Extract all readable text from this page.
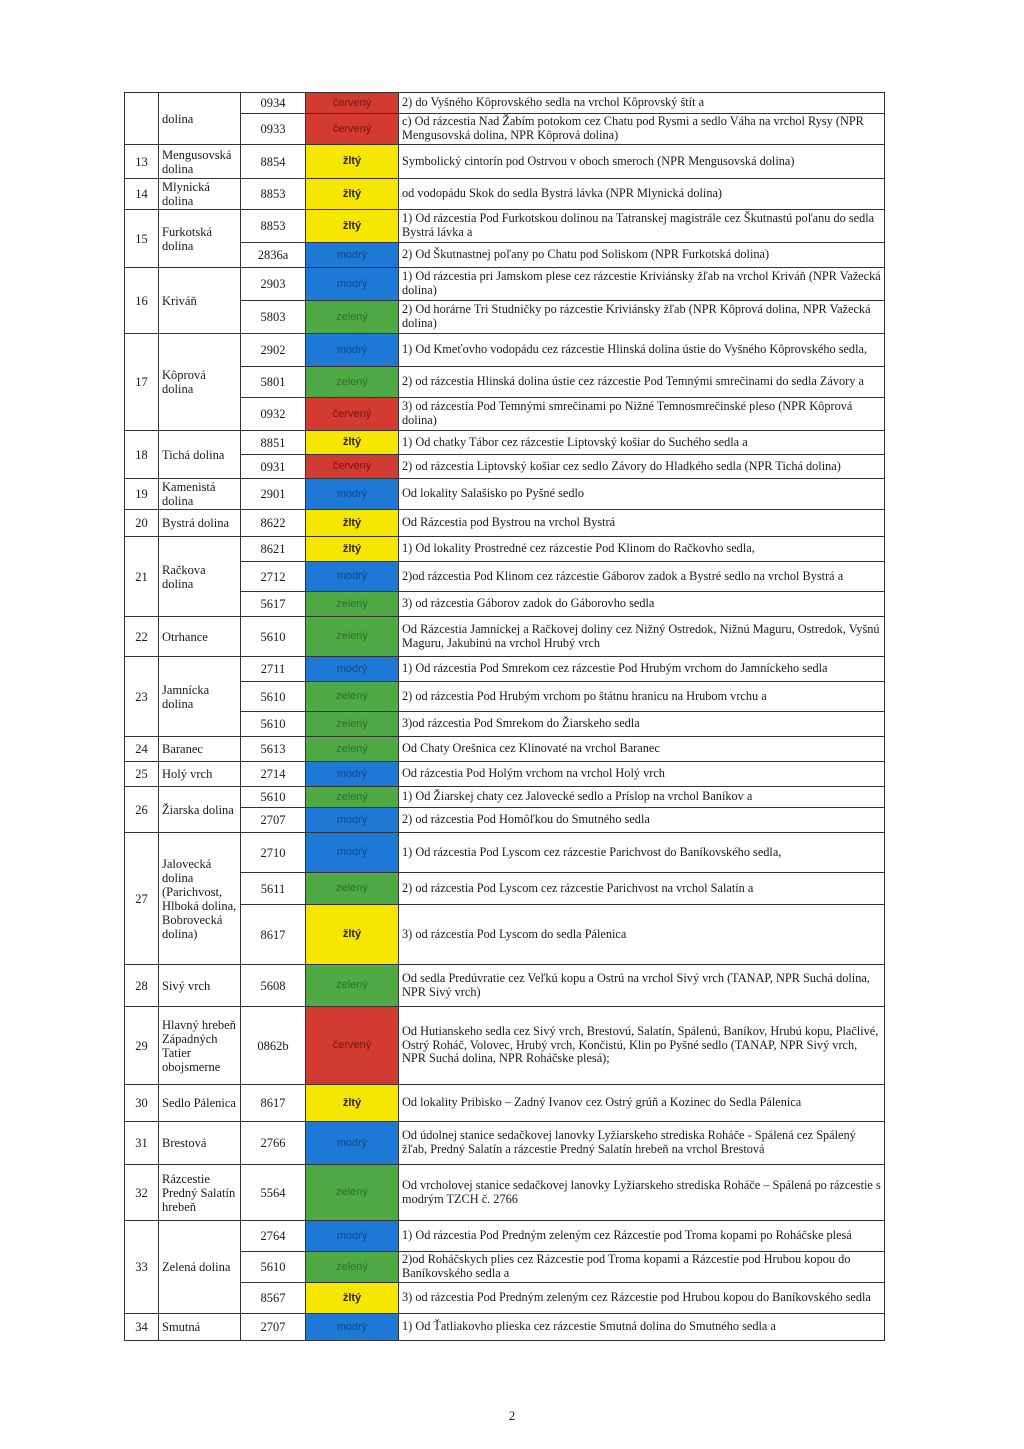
	dolina	0934	červený	2) do Vyšného Kôprovského sedla na vrchol Kôprovský štít a
		0933	červený	c) Od rázcestia Nad Žabím potokom cez Chatu pod Rysmi a sedlo Váha na vrchol Rysy (NPR Mengusovská dolina, NPR Kôprová dolina)
13	Mengusovská dolina	8854	žltý	Symbolický cintorín pod Ostrvou v oboch smeroch (NPR Mengusovská dolina)
14	Mlynická dolina	8853	žltý	od vodopádu Skok do sedla Bystrá lávka (NPR Mlynická dolina)
15	Furkotská dolina	8853	žltý	1) Od rázcestia Pod Furkotskou dolinou na Tatranskej magistrále cez Škutnastú poľanu do sedla Bystrá lávka a
		2836a	modrý	2) Od Škutnastnej poľany po Chatu pod Soliskom (NPR Furkotská dolina)
16	Kriváň	2903	modrý	1) Od rázcestia pri Jamskom plese cez rázcestie Kriviánsky žľab na vrchol Kriváň (NPR Važecká dolina)
		5803	zelený	2) Od horárne Tri Studničky po rázcestie Kriviánsky žľab (NPR Kôprová dolina, NPR Važecká dolina)
17	Kôprová dolina	2902	modrý	1) Od Kmeťovho vodopádu cez rázcestie Hlinská dolina ústie do Vyšného Kôprovského sedla,
		5801	zelený	2) od rázcestia Hlinská dolina ústie cez rázcestie Pod Temnými smrečinami do sedla Závory a
		0932	červený	3) od rázcestia Pod Temnými smrečinami po Nižné Temnosmrečinské pleso (NPR Kôprová dolina)
18	Tichá dolina	8851	žltý	1) Od chatky Tábor cez rázcestie Liptovský košiar do Suchého sedla a
		0931	červený	2) od rázcestia Liptovský košiar cez sedlo Závory do Hladkého sedla (NPR Tichá dolina)
19	Kamenistá dolina	2901	modrý	Od lokality Salašisko po Pyšné sedlo
20	Bystrá dolina	8622	žltý	Od Rázcestia pod Bystrou na vrchol Bystrá
21	Račkova dolina	8621	žltý	1) Od lokality Prostredné cez rázcestie Pod Klinom do Račkovho sedla,
		2712	modrý	2)od rázcestia Pod Klinom cez rázcestie Gáborov zadok a Bystré sedlo na vrchol Bystrá a
		5617	zelený	3) od rázcestia Gáborov zadok do Gáborovho sedla
22	Otrhance	5610	zelený	Od Rázcestia Jamníckej a Račkovej doliny cez Nižný Ostredok, Nižnú Maguru, Ostredok, Vyšnú Maguru, Jakubinú na vrchol Hrubý vrch
23	Jamnícka dolina	2711	modrý	1) Od rázcestia Pod Smrekom cez rázcestie Pod Hrubým vrchom do Jamníckeho sedla
		5610	zelený	2) od rázcestia Pod Hrubým vrchom po štátnu hranicu na Hrubom vrchu a
		5610	zelený	3)od rázcestia Pod Smrekom do Žiarskeho sedla
24	Baranec	5613	zelený	Od Chaty Orešnica cez Klinovaté na vrchol Baranec
25	Holý vrch	2714	modrý	Od rázcestia Pod Holým vrchom na vrchol Holý vrch
26	Žiarska dolina	5610	zelený	1) Od Žiarskej chaty cez Jalovecké sedlo a Príslop na vrchol Baníkov a
		2707	modrý	2) od rázcestia Pod Homôľkou do Smutného sedla
27	Jalovecká dolina (Parichvost, Hlboká dolina, Bobrovecká dolina)	2710	modrý	1) Od rázcestia Pod Lyscom cez rázcestie Parichvost do Baníkovského sedla,
		5611	zelený	2) od rázcestia Pod Lyscom cez rázcestie Parichvost na vrchol Salatín a
		8617	žltý	3) od rázcestia Pod Lyscom do sedla Pálenica
28	Sivý vrch	5608	zelený	Od sedla Predúvratie cez Veľkú kopu a Ostrú na vrchol Sivý vrch (TANAP, NPR Suchá dolina, NPR Sivý vrch)
29	Hlavný hrebeň Západných Tatier obojsmerne	0862b	červený	Od Hutianskeho sedla cez Sivý vrch, Brestovú, Salatín, Spálenú, Baníkov, Hrubú kopu, Plačlivé, Ostrý Roháč, Volovec, Hrubý vrch, Končistú, Klin po Pyšné sedlo (TANAP, NPR Sivý vrch, NPR Suchá dolina, NPR Roháčske plesá);
30	Sedlo Pálenica	8617	žltý	Od lokality Pribisko – Zadný Ivanov cez Ostrý grúň a Kozinec do Sedla Pálenica
31	Brestová	2766	modrý	Od údolnej stanice sedačkovej lanovky Lyžiarskeho strediska Roháče - Spálená cez Spálený žľab, Predný Salatín a rázcestie Predný Salatín hrebeň na vrchol Brestová
32	Rázcestie Predný Salatín hrebeň	5564	zelený	Od vrcholovej stanice sedačkovej lanovky Lyžiarskeho strediska Roháče – Spálená po rázcestie s modrým TZCH č. 2766
33	Zelená dolina	2764	modrý	1) Od rázcestia Pod Predným zeleným cez Rázcestie pod Troma kopami po Roháčske plesá
		5610	zelený	2)od Roháčskych plies cez Rázcestie pod Troma kopami a Rázcestie pod Hrubou kopou do Baníkovského sedla a
		8567	žltý	3) od rázcestia Pod Predným zeleným cez Rázcestie pod Hrubou kopou do Baníkovského sedla
34	Smutná	2707	modrý	1) Od Ťatliakovho plieska cez rázcestie Smutná dolina do Smutného sedla a
2
